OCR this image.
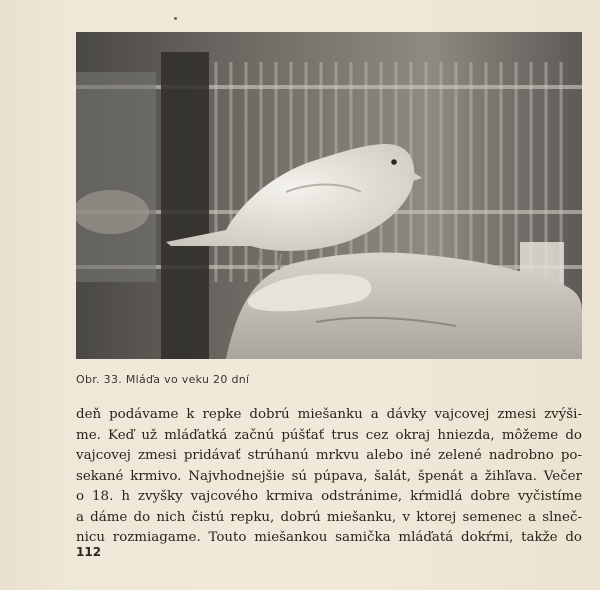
Obr. 33. Mláďa vo veku 20 dní
deň podávame k repke dobrú miešanku a dávky vajcovej zmesi zvýši-
me. Keď už mláďatká začnú púšťať trus cez okraj hniezda, môžeme do
vajcovej zmesi pridávať strúhanú mrkvu alebo iné zelené nadrobno po-
sekané krmivo. Najvhodnejšie sú púpava, šalát, špenát a žihľava. Večer
o 18. h zvyšky vajcového krmiva odstránime, kŕmidlá dobre vyčistíme
a dáme do nich čistú repku, dobrú miešanku, v ktorej semenec a slneč-
nicu rozmiagame. Touto miešankou samička mláďatá dokŕmi, takže do
112
